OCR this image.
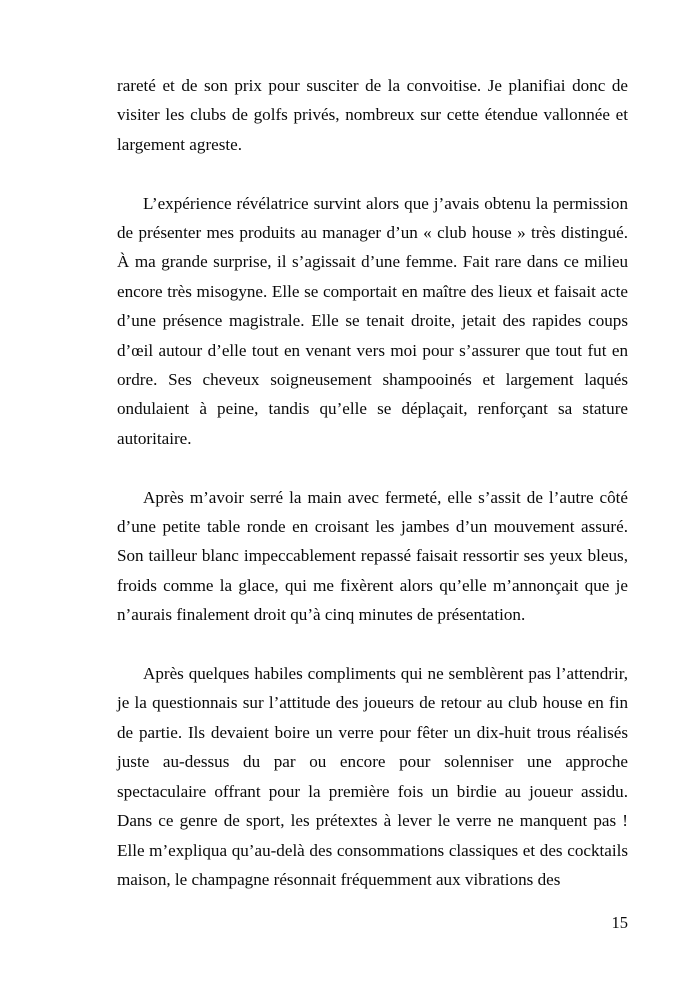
rareté et de son prix pour susciter de la convoitise. Je planifiai donc de visiter les clubs de golfs privés, nombreux sur cette étendue vallonnée et largement agreste.

L’expérience révélatrice survint alors que j’avais obtenu la permission de présenter mes produits au manager d’un « club house » très distingué. À ma grande surprise, il s’agissait d’une femme. Fait rare dans ce milieu encore très misogyne. Elle se comportait en maître des lieux et faisait acte d’une présence magistrale. Elle se tenait droite, jetait des rapides coups d’œil autour d’elle tout en venant vers moi pour s’assurer que tout fut en ordre. Ses cheveux soigneusement shampooinés et largement laqués ondulaient à peine, tandis qu’elle se déplaçait, renforçant sa stature autoritaire.

Après m’avoir serré la main avec fermeté, elle s’assit de l’autre côté d’une petite table ronde en croisant les jambes d’un mouvement assuré. Son tailleur blanc impeccablement repassé faisait ressortir ses yeux bleus, froids comme la glace, qui me fixèrent alors qu’elle m’annonçait que je n’aurais finalement droit qu’à cinq minutes de présentation.

Après quelques habiles compliments qui ne semblèrent pas l’attendrir, je la questionnais sur l’attitude des joueurs de retour au club house en fin de partie. Ils devaient boire un verre pour fêter un dix-huit trous réalisés juste au-dessus du par ou encore pour solenniser une approche spectaculaire offrant pour la première fois un birdie au joueur assidu. Dans ce genre de sport, les prétextes à lever le verre ne manquent pas ! Elle m’expliqua qu’au-delà des consommations classiques et des cocktails maison, le champagne résonnait fréquemment aux vibrations des

15
